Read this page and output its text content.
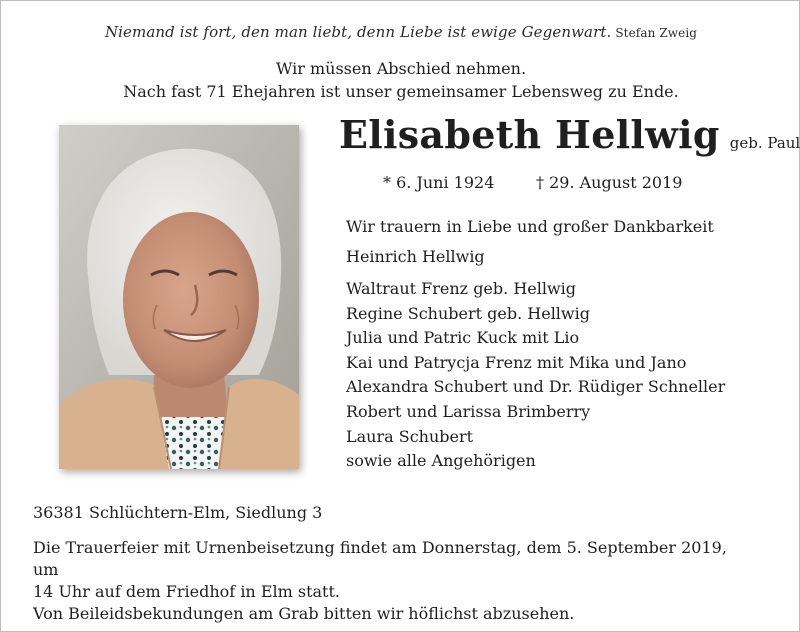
Niemand ist fort, den man liebt, denn Liebe ist ewige Gegenwart. Stefan Zweig
Wir müssen Abschied nehmen.
Nach fast 71 Ehejahren ist unser gemeinsamer Lebensweg zu Ende.
Elisabeth Hellwig geb. Paul
* 6. Juni 1924	† 29. August 2019
Wir trauern in Liebe und großer Dankbarkeit
Heinrich Hellwig
Waltraut Frenz geb. Hellwig
Regine Schubert geb. Hellwig
Julia und Patric Kuck mit Lio
Kai und Patrycja Frenz mit Mika und Jano
Alexandra Schubert und Dr. Rüdiger Schneller
Robert und Larissa Brimberry
Laura Schubert
sowie alle Angehörigen
36381 Schlüchtern-Elm, Siedlung 3
Die Trauerfeier mit Urnenbeisetzung findet am Donnerstag, dem 5. September 2019, um
14 Uhr auf dem Friedhof in Elm statt.
Von Beileidsbekundungen am Grab bitten wir höflichst abzusehen.
